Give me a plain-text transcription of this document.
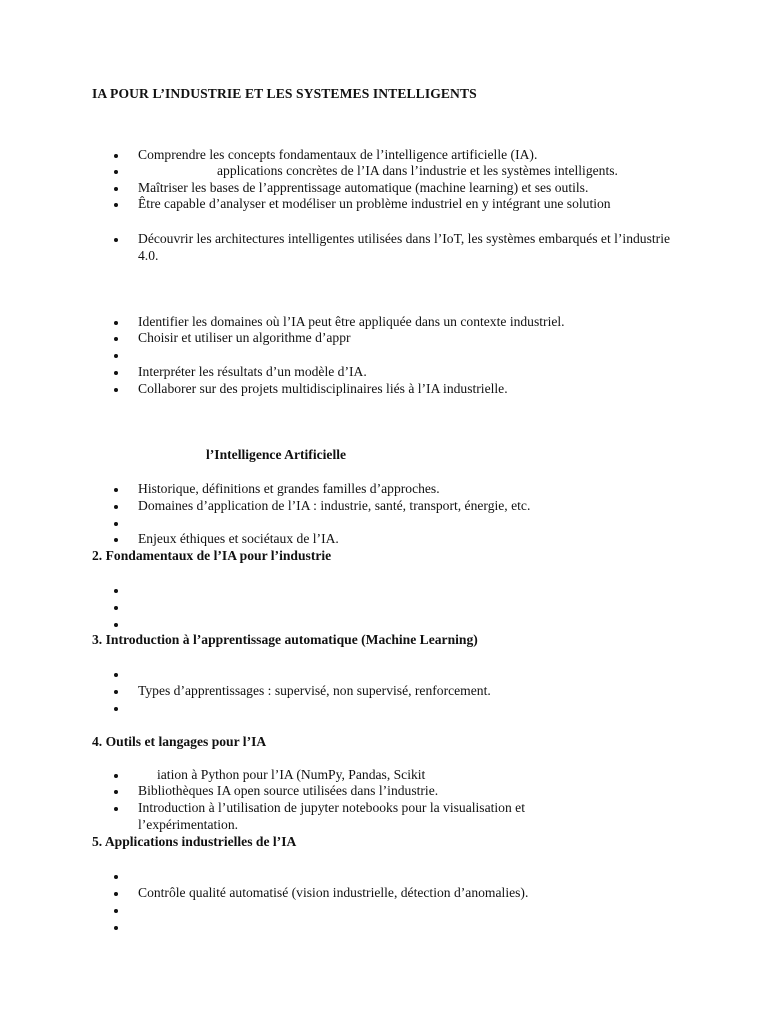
IA POUR L’INDUSTRIE ET LES SYSTEMES INTELLIGENTS
Comprendre les concepts fondamentaux de l’intelligence artificielle (IA).
applications concrètes de l’IA dans l’industrie et les systèmes intelligents.
Maîtriser les bases de l’apprentissage automatique (machine learning) et ses outils.
Être capable d’analyser et modéliser un problème industriel en y intégrant une solution
Découvrir les architectures intelligentes utilisées dans l’IoT, les systèmes embarqués et l’industrie 4.0.
Identifier les domaines où l’IA peut être appliquée dans un contexte industriel.
Choisir et utiliser un algorithme d’appr
Interpréter les résultats d’un modèle d’IA.
Collaborer sur des projets multidisciplinaires liés à l’IA industrielle.
l’Intelligence Artificielle
Historique, définitions et grandes familles d’approches.
Domaines d’application de l’IA : industrie, santé, transport, énergie, etc.
Enjeux éthiques et sociétaux de l’IA.
2. Fondamentaux de l’IA pour l’industrie
3. Introduction à l’apprentissage automatique (Machine Learning)
Types d’apprentissages : supervisé, non supervisé, renforcement.
4. Outils et langages pour l’IA
iation à Python pour l’IA (NumPy, Pandas, Scikit
Bibliothèques IA open source utilisées dans l’industrie.
Introduction à l’utilisation de jupyter notebooks pour la visualisation et l’expérimentation.
5. Applications industrielles de l’IA
Contrôle qualité automatisé (vision industrielle, détection d’anomalies).
